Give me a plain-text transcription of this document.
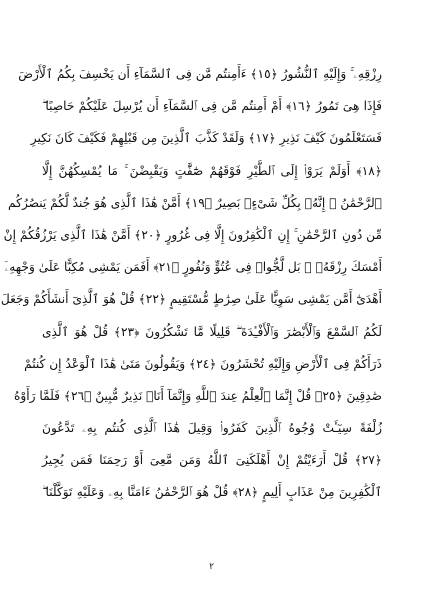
رِزْقِهِۦ ۚ وَإِلَيْهِ ٱلنُّشُورُ ﴿١٥﴾ ءَأَمِنتُم مَّن فِى ٱلسَّمَآءِ أَن يَخْسِفَ بِكُمُ ٱلْأَرْضَ
فَإِذَا هِىَ تَمُورُ ﴿١٦﴾ أَمْ أَمِنتُم مَّن فِى ٱلسَّمَآءِ أَن يُرْسِلَ عَلَيْكُمْ حَاصِبًا ۖ
فَسَتَعْلَمُونَ كَيْفَ نَذِيرِ ﴿١٧﴾ وَلَقَدْ كَذَّبَ ٱلَّذِينَ مِن قَبْلِهِمْ فَكَيْفَ كَانَ نَكِيرِ
﴿١٨﴾ أَوَلَمْ يَرَوْا۟ إِلَى ٱلطَّيْرِ فَوْقَهُمْ صَٰٓفَّٰتٍ وَيَقْبِضْنَ ۚ مَا يُمْسِكُهُنَّ إِلَّا
ٱلرَّحْمَٰنُ ۚ إِنَّهُۥ بِكُلِّ شَىْءٍۭ بَصِيرٌ ﴿١٩﴾ أَمَّنْ هَٰذَا ٱلَّذِى هُوَ جُندٌ لَّكُمْ يَنصُرُكُم
مِّن دُونِ ٱلرَّحْمَٰنِ ۚ إِنِ ٱلْكَٰفِرُونَ إِلَّا فِى غُرُورٍ ﴿٢٠﴾ أَمَّنْ هَٰذَا ٱلَّذِى يَرْزُقُكُمْ إِنْ
أَمْسَكَ رِزْقَهُۥ ۚ بَل لَّجُّوا۟ فِى عُتُوٍّ وَنُفُورٍ ﴿٢١﴾ أَفَمَن يَمْشِى مُكِبًّا عَلَىٰ وَجْهِهِۦٓ
أَهْدَىٰٓ أَمَّن يَمْشِى سَوِيًّا عَلَىٰ صِرَٰطٍ مُّسْتَقِيمٍ ﴿٢٢﴾ قُلْ هُوَ ٱلَّذِىٓ أَنشَأَكُمْ وَجَعَلَ
لَكُمُ ٱلسَّمْعَ وَٱلْأَبْصَٰرَ وَٱلْأَفْـِٔدَةَ ۖ قَلِيلًا مَّا تَشْكُرُونَ ﴿٢٣﴾ قُلْ هُوَ ٱلَّذِى
ذَرَأَكُمْ فِى ٱلْأَرْضِ وَإِلَيْهِ تُحْشَرُونَ ﴿٢٤﴾ وَيَقُولُونَ مَتَىٰ هَٰذَا ٱلْوَعْدُ إِن كُنتُمْ
صَٰدِقِينَ ﴿٢٥﴾ قُلْ إِنَّمَا ٱلْعِلْمُ عِندَ ٱللَّهِ وَإِنَّمَآ أَنَا۠ نَذِيرٌ مُّبِينٌ ﴿٢٦﴾ فَلَمَّا رَأَوْهُ
زُلْفَةً سِيٓـَٔتْ وُجُوهُ ٱلَّذِينَ كَفَرُوا۟ وَقِيلَ هَٰذَا ٱلَّذِى كُنتُم بِهِۦ تَدَّعُونَ
﴿٢٧﴾ قُلْ أَرَءَيْتُمْ إِنْ أَهْلَكَنِىَ ٱللَّهُ وَمَن مَّعِىَ أَوْ رَحِمَنَا فَمَن يُجِيرُ
ٱلْكَٰفِرِينَ مِنْ عَذَابٍ أَلِيمٍ ﴿٢٨﴾ قُلْ هُوَ ٱلرَّحْمَٰنُ ءَامَنَّا بِهِۦ وَعَلَيْهِ تَوَكَّلْنَا ۖ
٢
